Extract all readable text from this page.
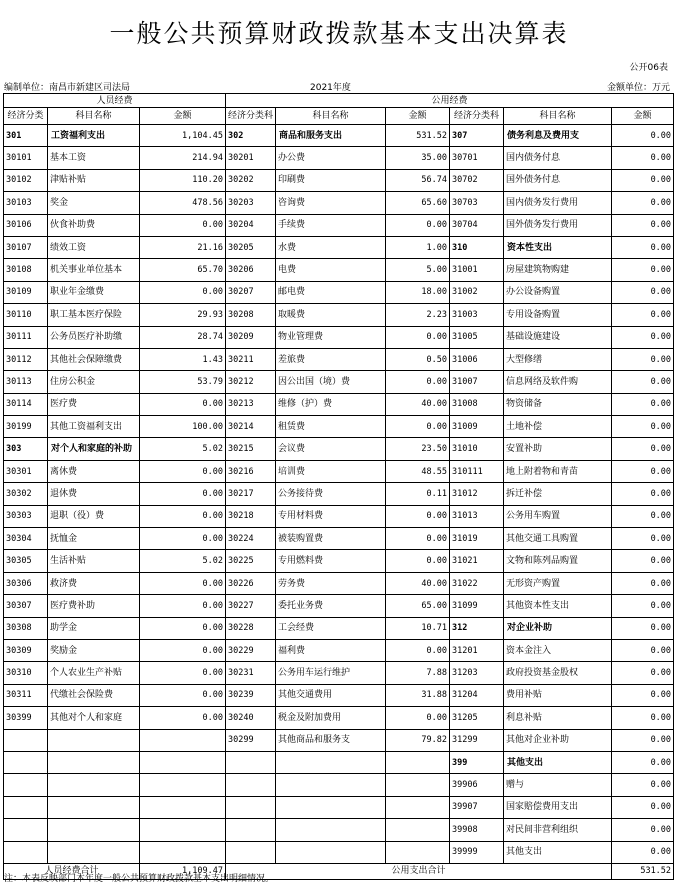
一般公共预算财政拨款基本支出决算表
公开06表
编制单位：南昌市新建区司法局	2021年度	金额单位：万元
人员经费			公用经费					
经济分类	科目名称	金额	经济分类科	科目名称	金额	经济分类科	科目名称	金额
301	工资福利支出	1,104.45	302	商品和服务支出	531.52	307	债务利息及费用支	0.00
30101	基本工资	214.94	30201	办公费	35.00	30701	国内债务付息	0.00
30102	津贴补贴	110.20	30202	印刷费	56.74	30702	国外债务付息	0.00
30103	奖金	478.56	30203	咨询费	65.60	30703	国内债务发行费用	0.00
30106	伙食补助费	0.00	30204	手续费	0.00	30704	国外债务发行费用	0.00
30107	绩效工资	21.16	30205	水费	1.00	310	资本性支出	0.00
30108	机关事业单位基本	65.70	30206	电费	5.00	31001	房屋建筑物购建	0.00
30109	职业年金缴费	0.00	30207	邮电费	18.00	31002	办公设备购置	0.00
30110	职工基本医疗保险	29.93	30208	取暖费	2.23	31003	专用设备购置	0.00
30111	公务员医疗补助缴	28.74	30209	物业管理费	0.00	31005	基础设施建设	0.00
30112	其他社会保障缴费	1.43	30211	差旅费	0.50	31006	大型修缮	0.00
30113	住房公积金	53.79	30212	因公出国（境）费	0.00	31007	信息网络及软件购	0.00
30114	医疗费	0.00	30213	维修（护）费	40.00	31008	物资储备	0.00
30199	其他工资福利支出	100.00	30214	租赁费	0.00	31009	土地补偿	0.00
303	对个人和家庭的补助	5.02	30215	会议费	23.50	31010	安置补助	0.00
30301	离休费	0.00	30216	培训费	48.55	310111	地上附着物和青苗	0.00
30302	退休费	0.00	30217	公务接待费	0.11	31012	拆迁补偿	0.00
30303	退职（役）费	0.00	30218	专用材料费	0.00	31013	公务用车购置	0.00
30304	抚恤金	0.00	30224	被装购置费	0.00	31019	其他交通工具购置	0.00
30305	生活补贴	5.02	30225	专用燃料费	0.00	31021	文物和陈列品购置	0.00
30306	救济费	0.00	30226	劳务费	40.00	31022	无形资产购置	0.00
30307	医疗费补助	0.00	30227	委托业务费	65.00	31099	其他资本性支出	0.00
30308	助学金	0.00	30228	工会经费	10.71	312	对企业补助	0.00
30309	奖励金	0.00	30229	福利费	0.00	31201	资本金注入	0.00
30310	个人农业生产补贴	0.00	30231	公务用车运行维护	7.88	31203	政府投资基金股权	0.00
30311	代缴社会保险费	0.00	30239	其他交通费用	31.88	31204	费用补贴	0.00
30399	其他对个人和家庭	0.00	30240	税金及附加费用	0.00	31205	利息补贴	0.00
			30299	其他商品和服务支	79.82	31299	其他对企业补助	0.00
						399	其他支出	0.00
						39906	赠与	0.00
						39907	国家赔偿费用支出	0.00
						39908	对民间非营利组织	0.00
						39999	其他支出	0.00
人员经费合计		1,109.47	公用支出合计					531.52
注：本表反映部门本年度一般公共预算财政拨款基本支出明细情况。
